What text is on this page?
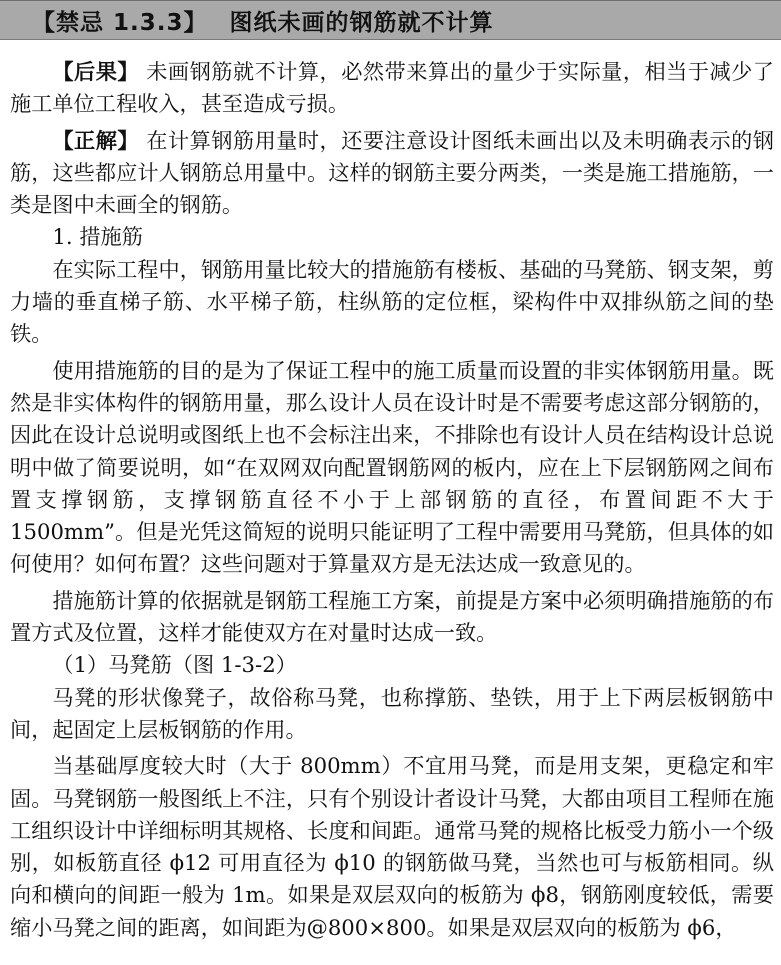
【禁忌 1.3.3】 图纸未画的钢筋就不计算

【后果】 未画钢筋就不计算，必然带来算出的量少于实际量，相当于减少了施工单位工程收入，甚至造成亏损。

【正解】 在计算钢筋用量时，还要注意设计图纸未画出以及未明确表示的钢筋，这些都应计人钢筋总用量中。这样的钢筋主要分两类，一类是施工措施筋，一类是图中未画全的钢筋。

1. 措施筋

在实际工程中，钢筋用量比较大的措施筋有楼板、基础的马凳筋、钢支架，剪力墙的垂直梯子筋、水平梯子筋，柱纵筋的定位框，梁构件中双排纵筋之间的垫铁。

使用措施筋的目的是为了保证工程中的施工质量而设置的非实体钢筋用量。既然是非实体构件的钢筋用量，那么设计人员在设计时是不需要考虑这部分钢筋的，因此在设计总说明或图纸上也不会标注出来，不排除也有设计人员在结构设计总说明中做了简要说明，如“在双网双向配置钢筋网的板内，应在上下层钢筋网之间布置支撑钢筋，支撑钢筋直径不小于上部钢筋的直径，布置间距不大于 1500mm”。但是光凭这简短的说明只能证明了工程中需要用马凳筋，但具体的如何使用？如何布置？这些问题对于算量双方是无法达成一致意见的。

措施筋计算的依据就是钢筋工程施工方案，前提是方案中必须明确措施筋的布置方式及位置，这样才能使双方在对量时达成一致。

（1）马凳筋（图 1-3-2）

马凳的形状像凳子，故俗称马凳，也称撑筋、垫铁，用于上下两层板钢筋中间，起固定上层板钢筋的作用。

当基础厚度较大时（大于 800mm）不宜用马凳，而是用支架，更稳定和牢固。马凳钢筋一般图纸上不注，只有个别设计者设计马凳，大都由项目工程师在施工组织设计中详细标明其规格、长度和间距。通常马凳的规格比板受力筋小一个级别，如板筋直径 ϕ12 可用直径为 ϕ10 的钢筋做马凳，当然也可与板筋相同。纵向和横向的间距一般为 1m。如果是双层双向的板筋为 ϕ8，钢筋刚度较低，需要缩小马凳之间的距离，如间距为@800×800。如果是双层双向的板筋为 ϕ6，
